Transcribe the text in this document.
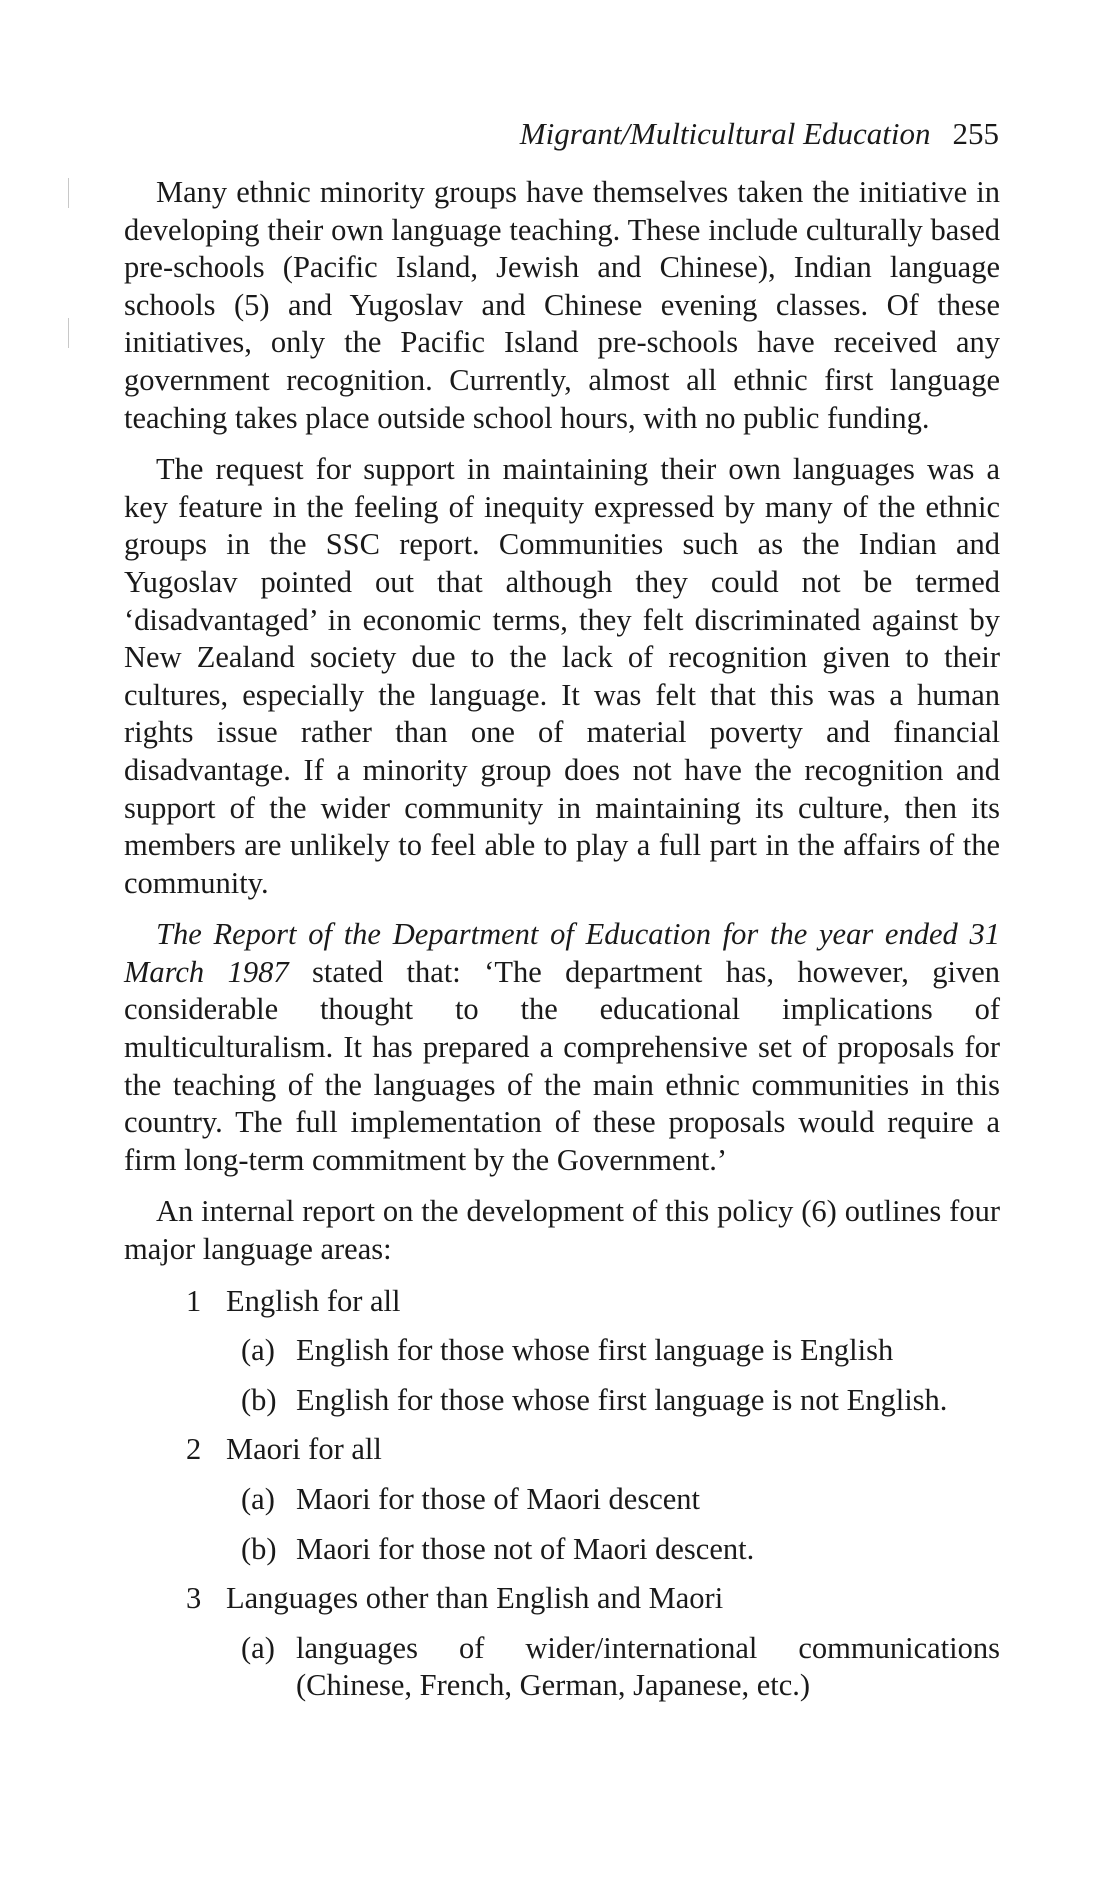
Migrant/Multicultural Education 255

Many ethnic minority groups have themselves taken the initiative in developing their own language teaching. These include culturally based pre-schools (Pacific Island, Jewish and Chinese), Indian language schools (5) and Yugoslav and Chinese evening classes. Of these initiatives, only the Pacific Island pre-schools have received any government recognition. Currently, almost all ethnic first language teaching takes place outside school hours, with no public funding.

The request for support in maintaining their own languages was a key feature in the feeling of inequity expressed by many of the ethnic groups in the SSC report. Communities such as the Indian and Yugoslav pointed out that although they could not be termed ‘disadvantaged’ in economic terms, they felt discriminated against by New Zealand society due to the lack of recognition given to their cultures, especially the language. It was felt that this was a human rights issue rather than one of material poverty and financial disadvantage. If a minority group does not have the recognition and support of the wider community in maintaining its culture, then its members are unlikely to feel able to play a full part in the affairs of the community.

The Report of the Department of Education for the year ended 31 March 1987 stated that: ‘The department has, however, given considerable thought to the educational implications of multiculturalism. It has prepared a comprehensive set of proposals for the teaching of the languages of the main ethnic communities in this country. The full implementation of these proposals would require a firm long-term commitment by the Government.’

An internal report on the development of this policy (6) outlines four major language areas:

1 English for all
(a) English for those whose first language is English
(b) English for those whose first language is not English.
2 Maori for all
(a) Maori for those of Maori descent
(b) Maori for those not of Maori descent.
3 Languages other than English and Maori
(a) languages of wider/international communications (Chinese, French, German, Japanese, etc.)
